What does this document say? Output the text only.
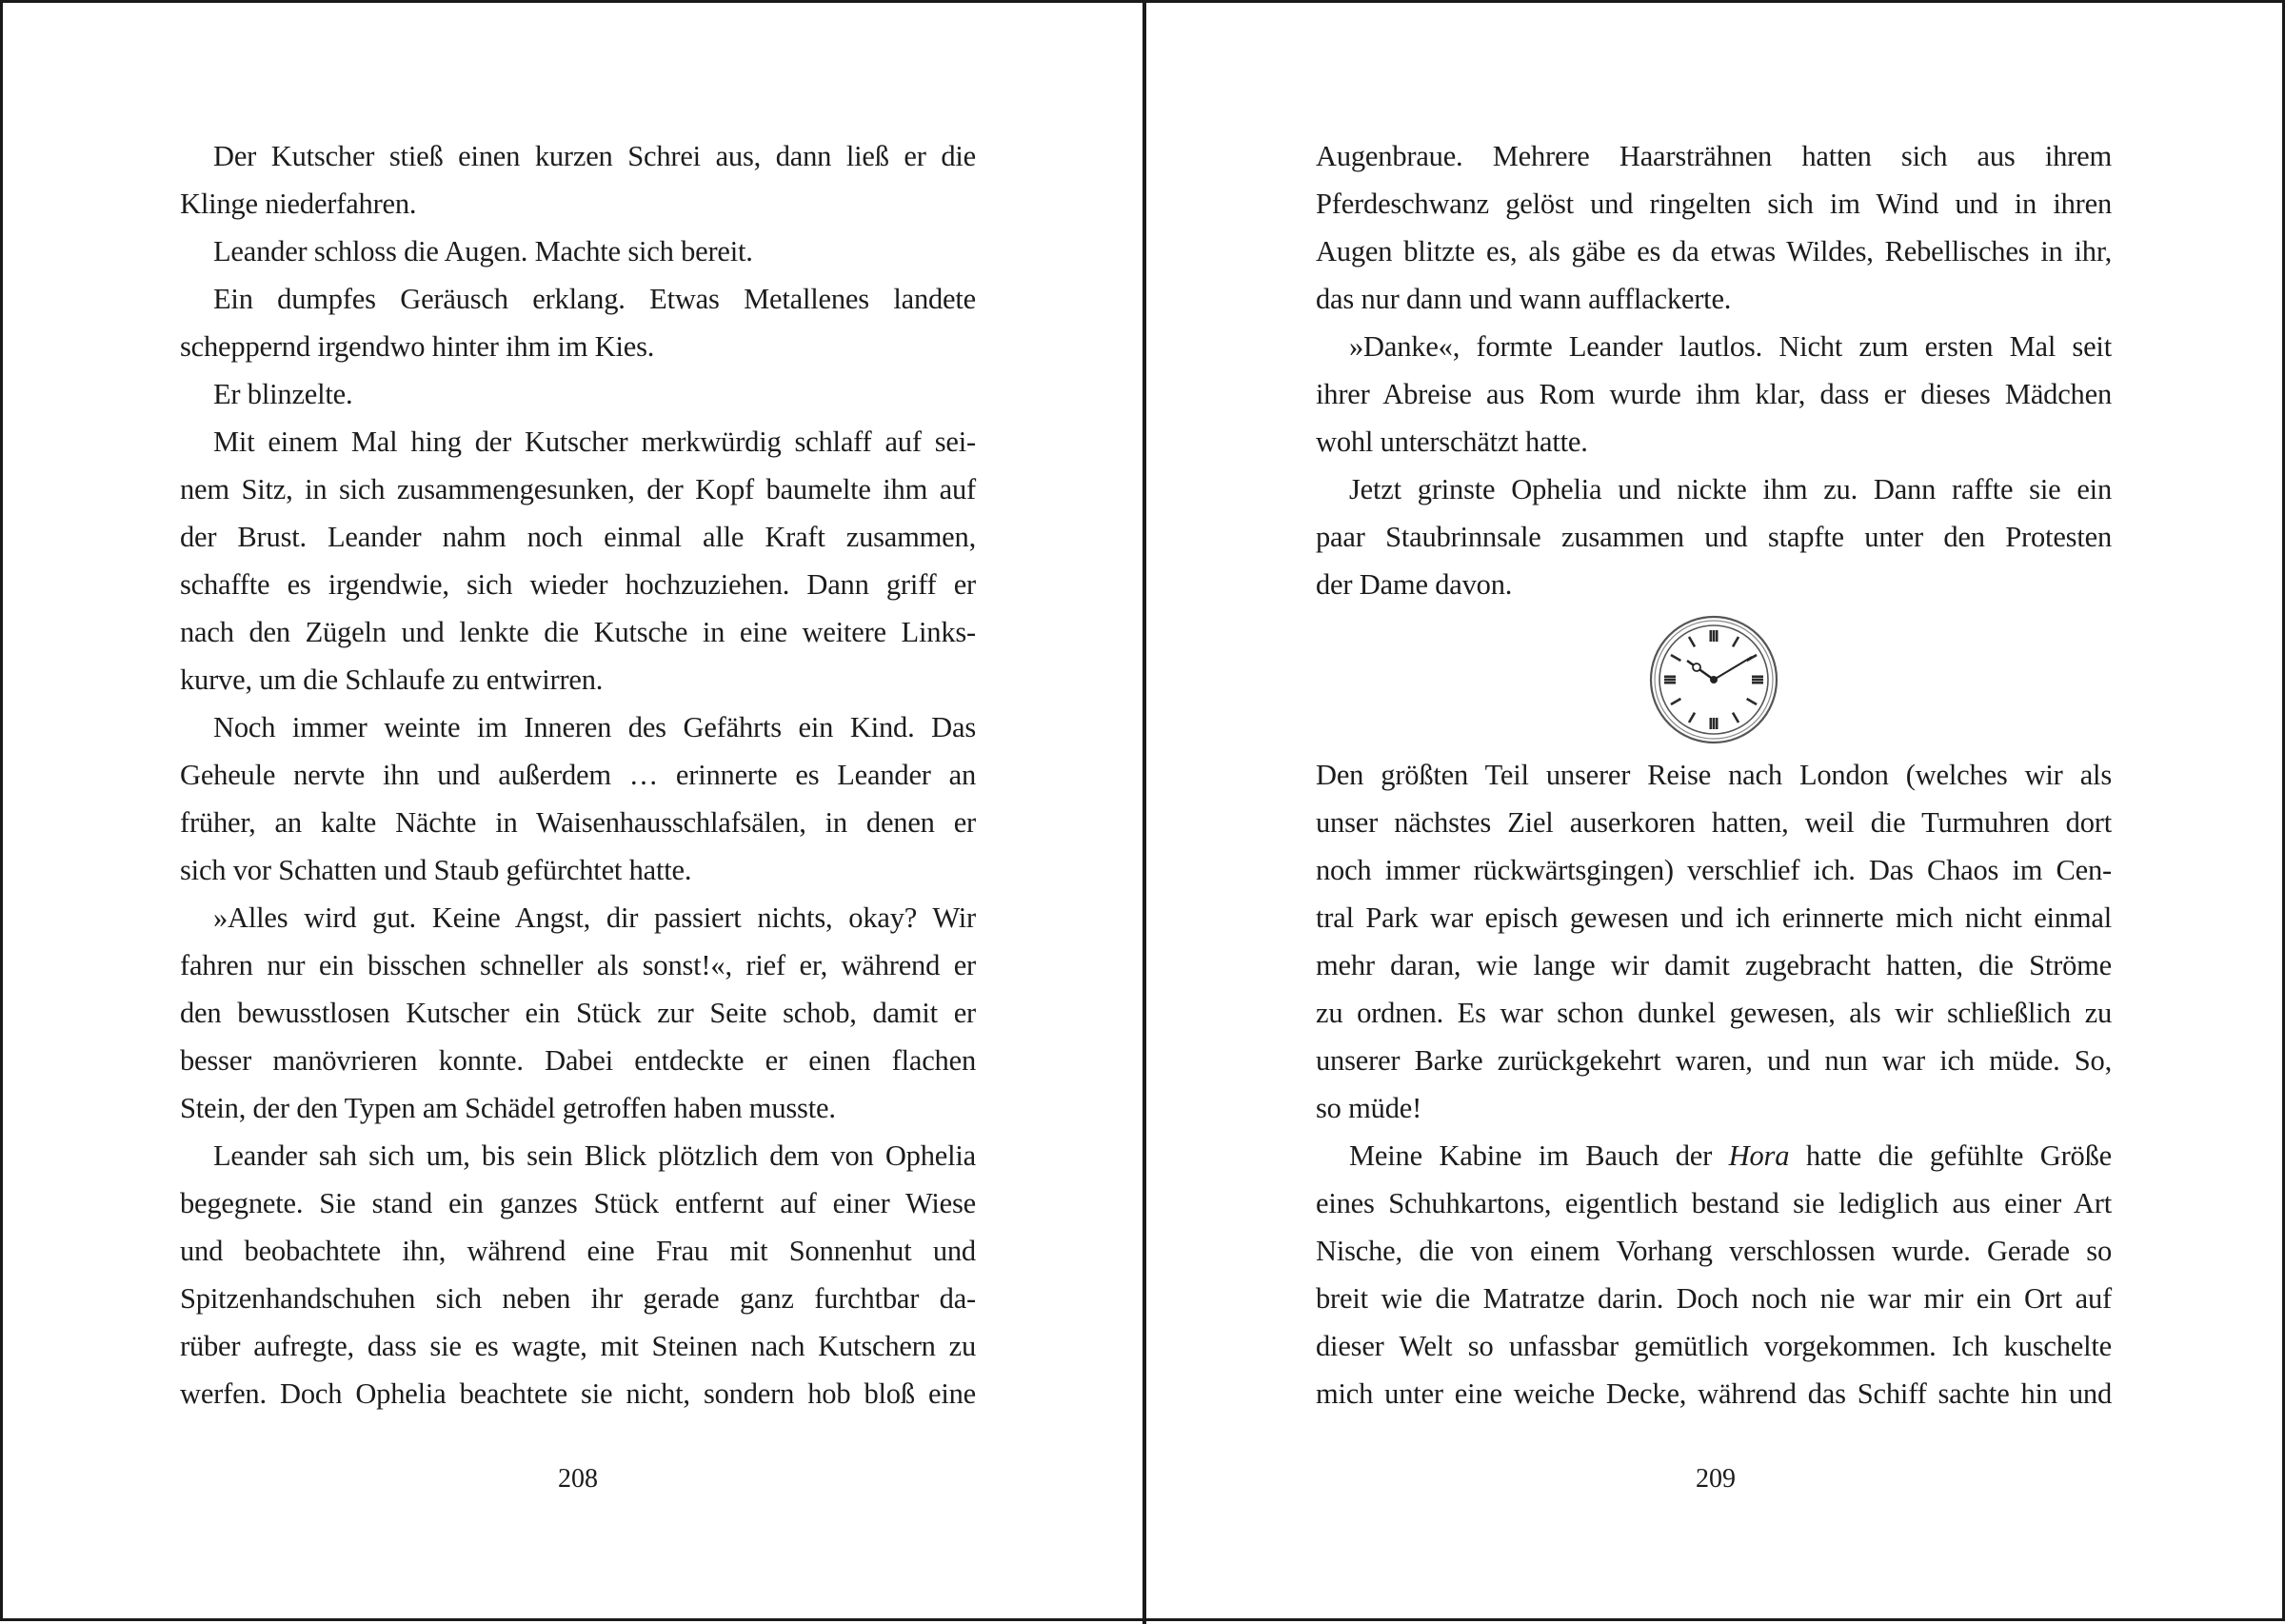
Der Kutscher stieß einen kurzen Schrei aus, dann ließ er die
Klinge niederfahren.
Leander schloss die Augen. Machte sich bereit.
Ein dumpfes Geräusch erklang. Etwas Metallenes landete
scheppernd irgendwo hinter ihm im Kies.
Er blinzelte.
Mit einem Mal hing der Kutscher merkwürdig schlaff auf sei-
nem Sitz, in sich zusammengesunken, der Kopf baumelte ihm auf
der Brust. Leander nahm noch einmal alle Kraft zusammen,
schaffte es irgendwie, sich wieder hochzuziehen. Dann griff er
nach den Zügeln und lenkte die Kutsche in eine weitere Links-
kurve, um die Schlaufe zu entwirren.
Noch immer weinte im Inneren des Gefährts ein Kind. Das
Geheule nervte ihn und außerdem … erinnerte es Leander an
früher, an kalte Nächte in Waisenhausschlafsälen, in denen er
sich vor Schatten und Staub gefürchtet hatte.
»Alles wird gut. Keine Angst, dir passiert nichts, okay? Wir
fahren nur ein bisschen schneller als sonst!«, rief er, während er
den bewusstlosen Kutscher ein Stück zur Seite schob, damit er
besser manövrieren konnte. Dabei entdeckte er einen flachen
Stein, der den Typen am Schädel getroffen haben musste.
Leander sah sich um, bis sein Blick plötzlich dem von Ophelia
begegnete. Sie stand ein ganzes Stück entfernt auf einer Wiese
und beobachtete ihn, während eine Frau mit Sonnenhut und
Spitzenhandschuhen sich neben ihr gerade ganz furchtbar da-
rüber aufregte, dass sie es wagte, mit Steinen nach Kutschern zu
werfen. Doch Ophelia beachtete sie nicht, sondern hob bloß eine
208
Augenbraue. Mehrere Haarsträhnen hatten sich aus ihrem
Pferdeschwanz gelöst und ringelten sich im Wind und in ihren
Augen blitzte es, als gäbe es da etwas Wildes, Rebellisches in ihr,
das nur dann und wann aufflackerte.
»Danke«, formte Leander lautlos. Nicht zum ersten Mal seit
ihrer Abreise aus Rom wurde ihm klar, dass er dieses Mädchen
wohl unterschätzt hatte.
Jetzt grinste Ophelia und nickte ihm zu. Dann raffte sie ein
paar Staubrinnsale zusammen und stapfte unter den Protesten
der Dame davon.
Den größten Teil unserer Reise nach London (welches wir als
unser nächstes Ziel auserkoren hatten, weil die Turmuhren dort
noch immer rückwärtsgingen) verschlief ich. Das Chaos im Cen-
tral Park war episch gewesen und ich erinnerte mich nicht einmal
mehr daran, wie lange wir damit zugebracht hatten, die Ströme
zu ordnen. Es war schon dunkel gewesen, als wir schließlich zu
unserer Barke zurückgekehrt waren, und nun war ich müde. So,
so müde!
Meine Kabine im Bauch der Hora hatte die gefühlte Größe
eines Schuhkartons, eigentlich bestand sie lediglich aus einer Art
Nische, die von einem Vorhang verschlossen wurde. Gerade so
breit wie die Matratze darin. Doch noch nie war mir ein Ort auf
dieser Welt so unfassbar gemütlich vorgekommen. Ich kuschelte
mich unter eine weiche Decke, während das Schiff sachte hin und
209
